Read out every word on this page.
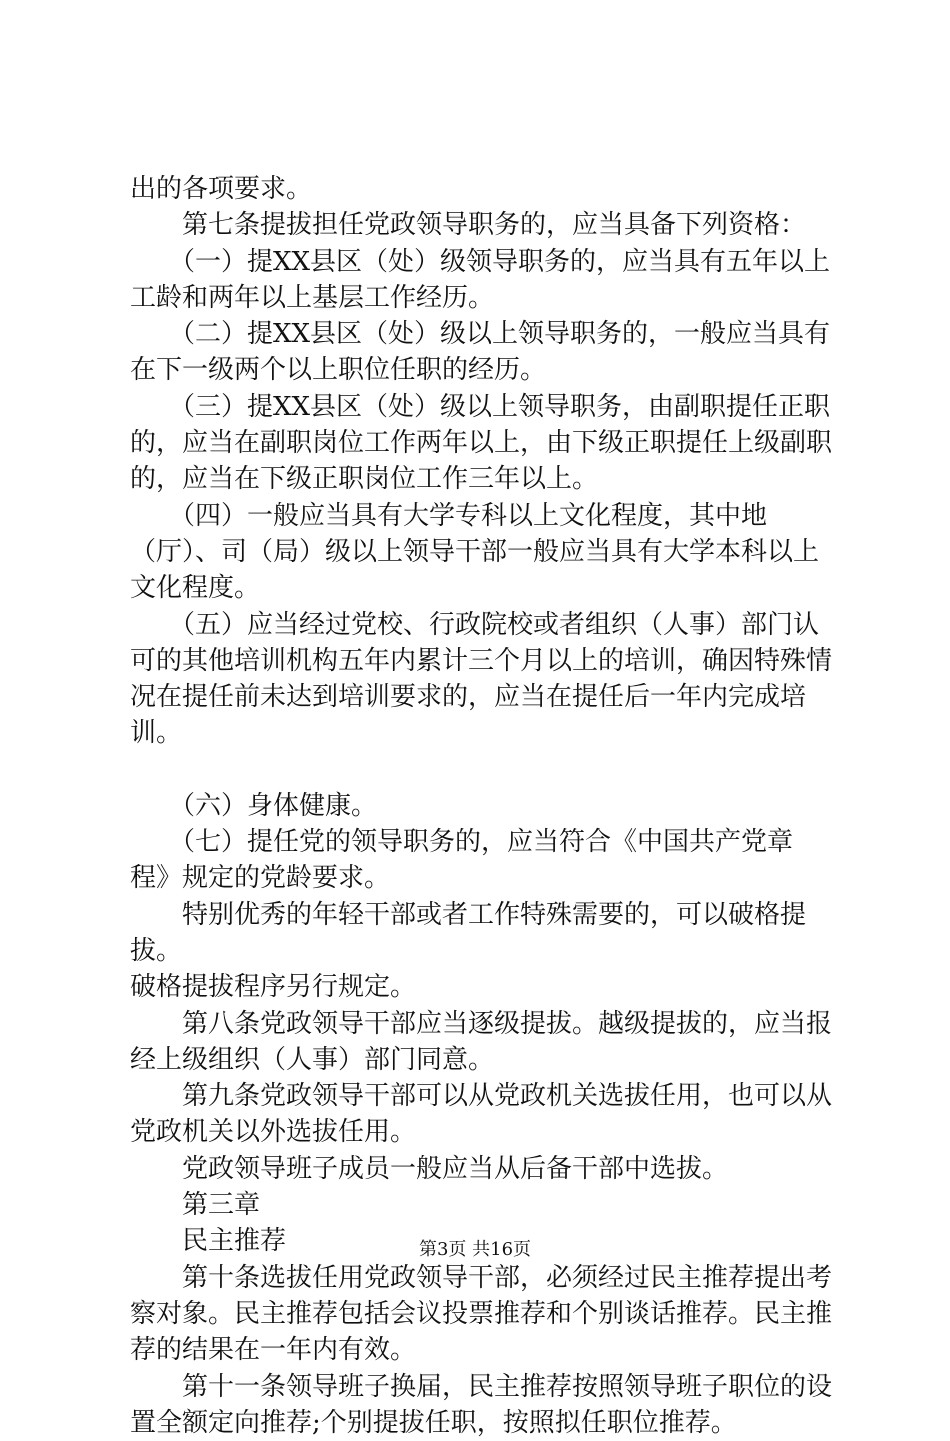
出的各项要求。

　　第七条提拔担任党政领导职务的，应当具备下列资格：

　　（一）提XX县区（处）级领导职务的，应当具有五年以上
工龄和两年以上基层工作经历。

　　（二）提XX县区（处）级以上领导职务的，一般应当具有
在下一级两个以上职位任职的经历。

　　（三）提XX县区（处）级以上领导职务，由副职提任正职
的，应当在副职岗位工作两年以上，由下级正职提任上级副职
的，应当在下级正职岗位工作三年以上。

　　（四）一般应当具有大学专科以上文化程度，其中地
（厅）、司（局）级以上领导干部一般应当具有大学本科以上
文化程度。

　　（五）应当经过党校、行政院校或者组织（人事）部门认
可的其他培训机构五年内累计三个月以上的培训，确因特殊情
况在提任前未达到培训要求的，应当在提任后一年内完成培训。

　　（六）身体健康。

　　（七）提任党的领导职务的，应当符合《中国共产党章
程》规定的党龄要求。

　　特别优秀的年轻干部或者工作特殊需要的，可以破格提拔。
破格提拔程序另行规定。

　　第八条党政领导干部应当逐级提拔。越级提拔的，应当报
经上级组织（人事）部门同意。

　　第九条党政领导干部可以从党政机关选拔任用，也可以从
党政机关以外选拔任用。

　　党政领导班子成员一般应当从后备干部中选拔。

　　第三章

　　民主推荐

　　第十条选拔任用党政领导干部，必须经过民主推荐提出考
察对象。民主推荐包括会议投票推荐和个别谈话推荐。民主推
荐的结果在一年内有效。

　　第十一条领导班子换届，民主推荐按照领导班子职位的设
置全额定向推荐;个别提拔任职，按照拟任职位推荐。

第3页 共16页
